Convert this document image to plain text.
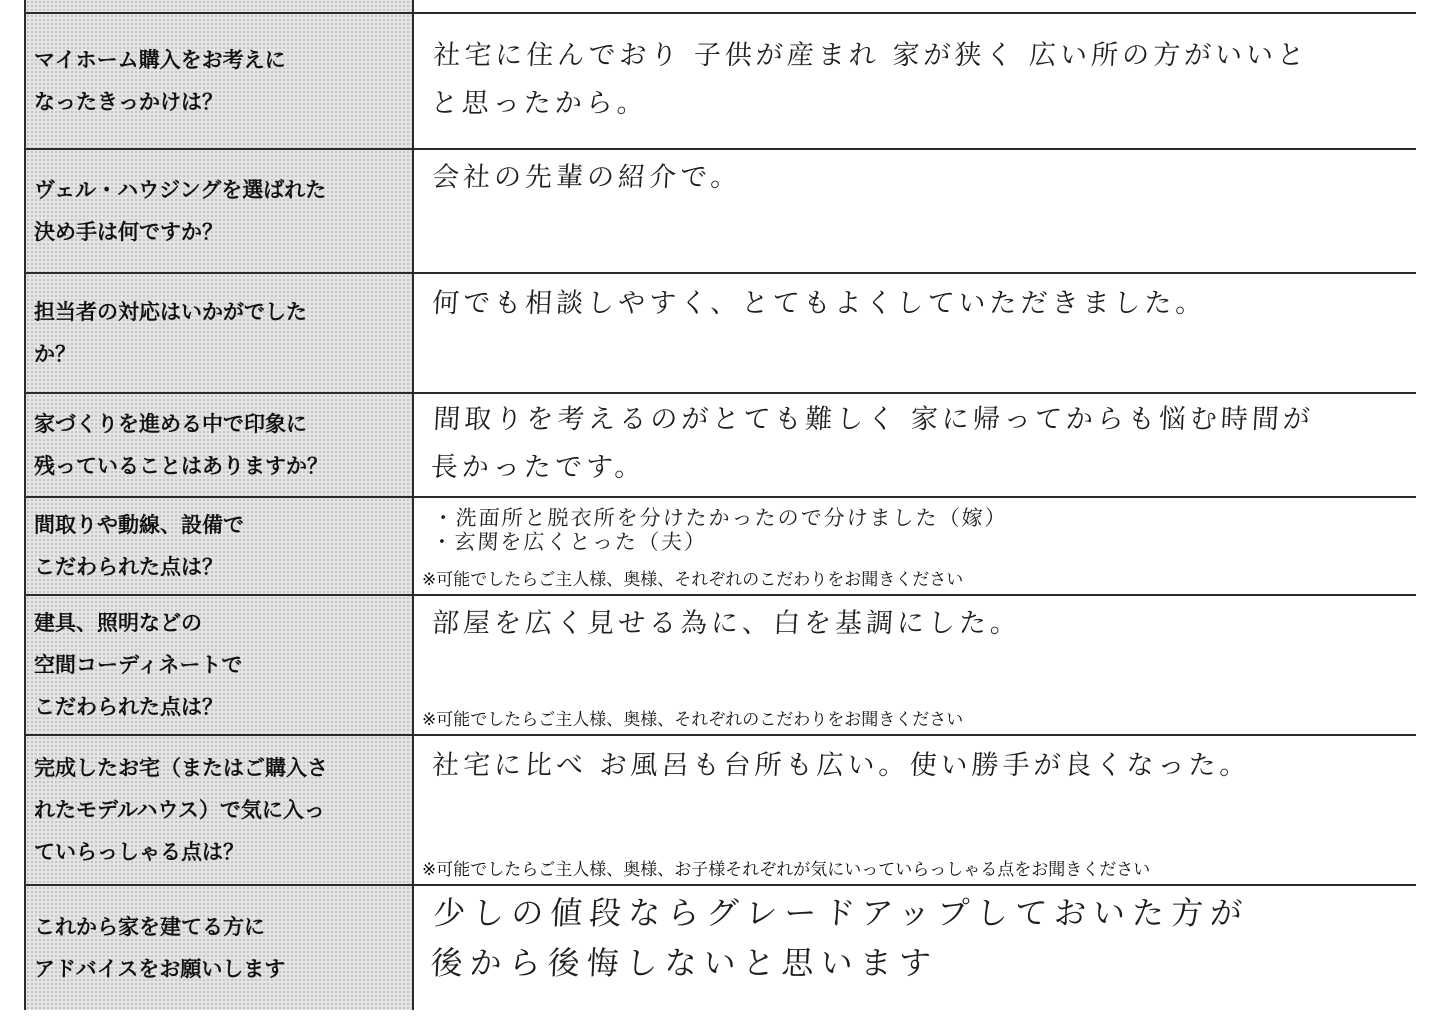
マイホーム購入をお考えに
なったきっかけは？
社宅に住んでおり 子供が産まれ 家が狭く 広い所の方がいいと
と思ったから。
ヴェル・ハウジングを選ばれた
決め手は何ですか？
会社の先輩の紹介で。
担当者の対応はいかがでした
か？
何でも相談しやすく、とてもよくしていただきました。
家づくりを進める中で印象に
残っていることはありますか？
間取りを考えるのがとても難しく 家に帰ってからも悩む時間が
長かったです。
間取りや動線、設備で
こだわられた点は？
・洗面所と脱衣所を分けたかったので分けました（嫁）
・玄関を広くとった（夫）
※可能でしたらご主人様、奥様、それぞれのこだわりをお聞きください
建具、照明などの
空間コーディネートで
こだわられた点は？
部屋を広く見せる為に、白を基調にした。
※可能でしたらご主人様、奥様、それぞれのこだわりをお聞きください
完成したお宅（またはご購入さ
れたモデルハウス）で気に入っ
ていらっしゃる点は？
社宅に比べ お風呂も台所も広い。使い勝手が良くなった。
※可能でしたらご主人様、奥様、お子様それぞれが気にいっていらっしゃる点をお聞きください
これから家を建てる方に
アドバイスをお願いします
少しの値段ならグレードアップしておいた方が
後から後悔しないと思います
